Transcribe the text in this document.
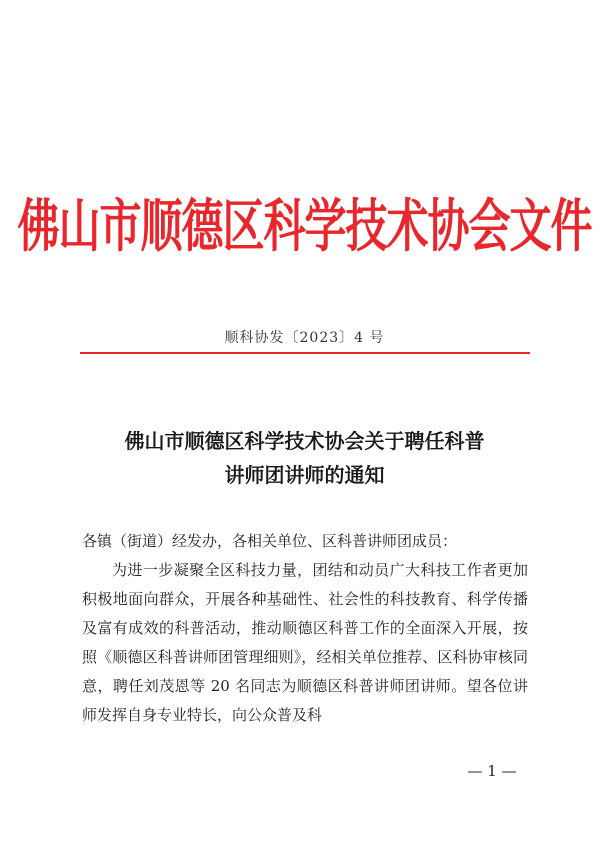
佛山市顺德区科学技术协会文件
顺科协发〔2023〕4 号
佛山市顺德区科学技术协会关于聘任科普
讲师团讲师的通知

各镇（街道）经发办，各相关单位、区科普讲师团成员：

为进一步凝聚全区科技力量，团结和动员广大科技工作者更加积极地面向群众，开展各种基础性、社会性的科技教育、科学传播及富有成效的科普活动，推动顺德区科普工作的全面深入开展，按照《顺德区科普讲师团管理细则》，经相关单位推荐、区科协审核同意，聘任刘茂恩等 20 名同志为顺德区科普讲师团讲师。望各位讲师发挥自身专业特长，向公众普及科

— 1 —
